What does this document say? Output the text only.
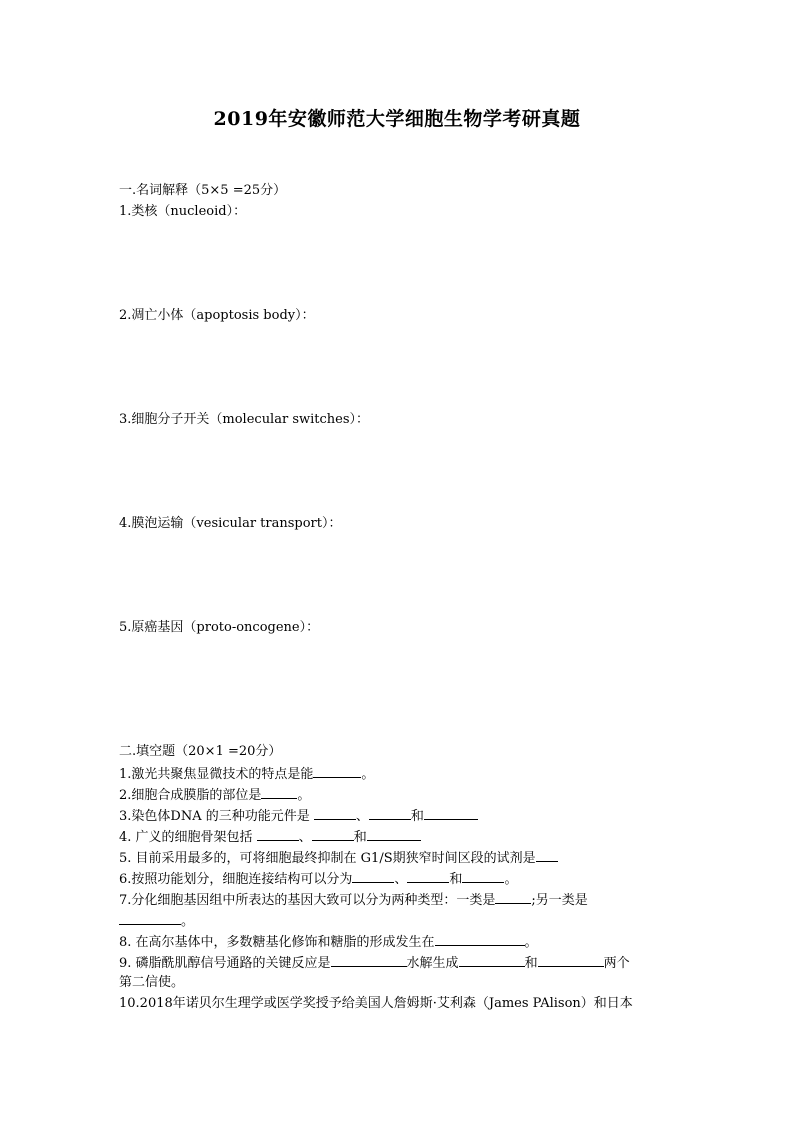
2019年安徽师范大学细胞生物学考研真题
一.名词解释（5×5 =25分）
1.类核（nucleoid）：
2.凋亡小体（apoptosis body）：
3.细胞分子开关（molecular switches）：
4.膜泡运输（vesicular transport）：
5.原癌基因（proto-oncogene）：
二.填空题（20×1 =20分）
1.激光共聚焦显微技术的特点是能	。
2.细胞合成膜脂的部位是	。
3.染色体DNA 的三种功能元件是	、	和
4. 广义的细胞骨架包括	、	和
5. 目前采用最多的，可将细胞最终抑制在 G1/S期狭窄时间区段的试剂是
6.按照功能划分，细胞连接结构可以分为	、	和	。
7.分化细胞基因组中所表达的基因大致可以分为两种类型：一类是	;另一类是
。
8. 在高尔基体中，多数糖基化修饰和糖脂的形成发生在	。
9. 磷脂酰肌醇信号通路的关键反应是	水解生成	和	两个
第二信使。
10.2018年诺贝尔生理学或医学奖授予给美国人詹姆斯·艾利森（James PAlison）和日本
